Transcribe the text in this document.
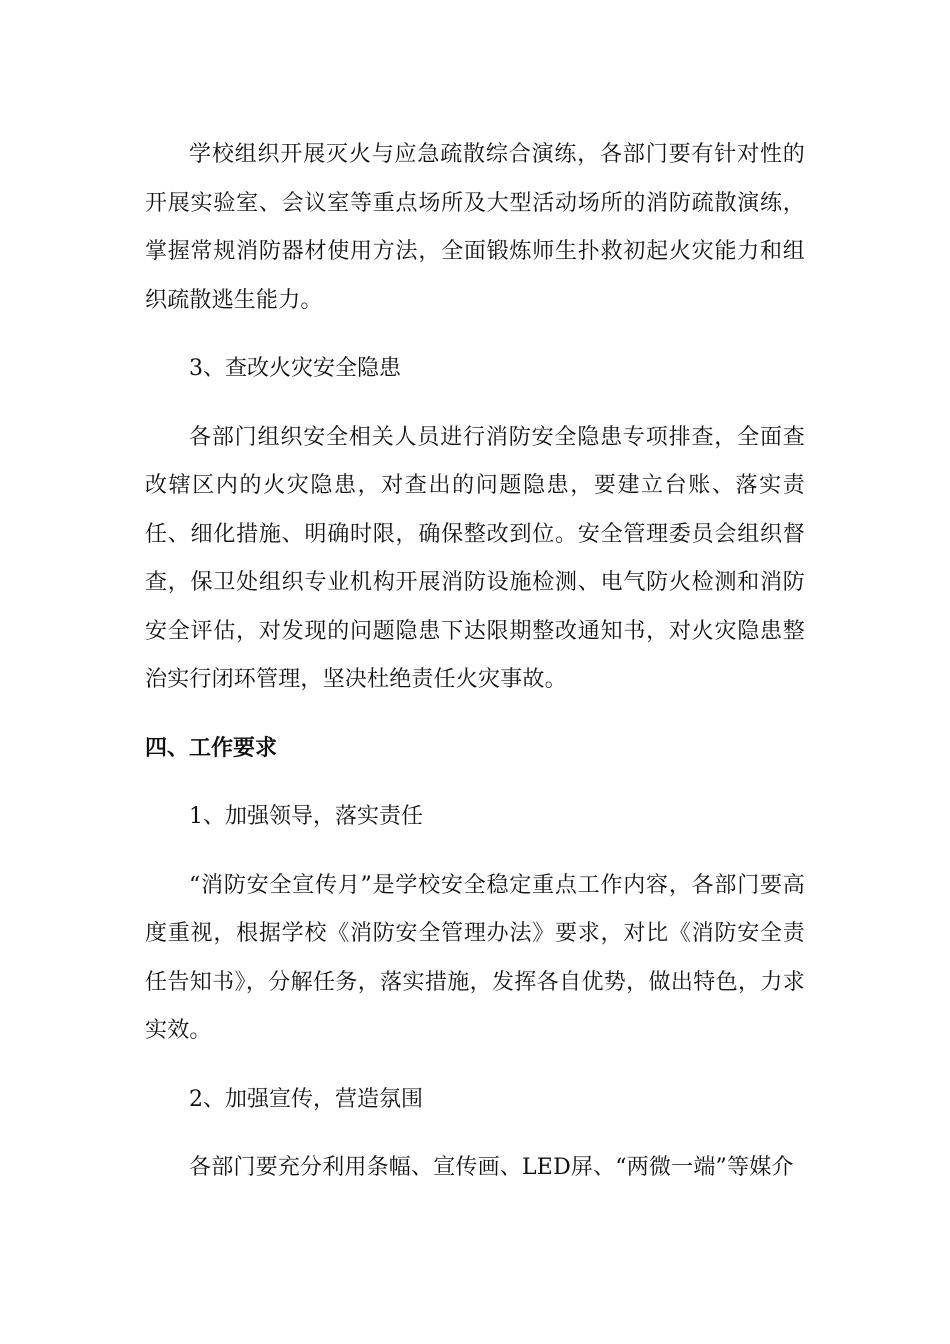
学校组织开展灭火与应急疏散综合演练，各部门要有针对性的开展实验室、会议室等重点场所及大型活动场所的消防疏散演练，掌握常规消防器材使用方法，全面锻炼师生扑救初起火灾能力和组织疏散逃生能力。

3、查改火灾安全隐患

各部门组织安全相关人员进行消防安全隐患专项排查，全面查改辖区内的火灾隐患，对查出的问题隐患，要建立台账、落实责任、细化措施、明确时限，确保整改到位。安全管理委员会组织督查，保卫处组织专业机构开展消防设施检测、电气防火检测和消防安全评估，对发现的问题隐患下达限期整改通知书，对火灾隐患整治实行闭环管理，坚决杜绝责任火灾事故。

四、工作要求

1、加强领导，落实责任

“消防安全宣传月”是学校安全稳定重点工作内容，各部门要高度重视，根据学校《消防安全管理办法》要求，对比《消防安全责任告知书》，分解任务，落实措施，发挥各自优势，做出特色，力求实效。

2、加强宣传，营造氛围

各部门要充分利用条幅、宣传画、LED屏、“两微一端”等媒介
